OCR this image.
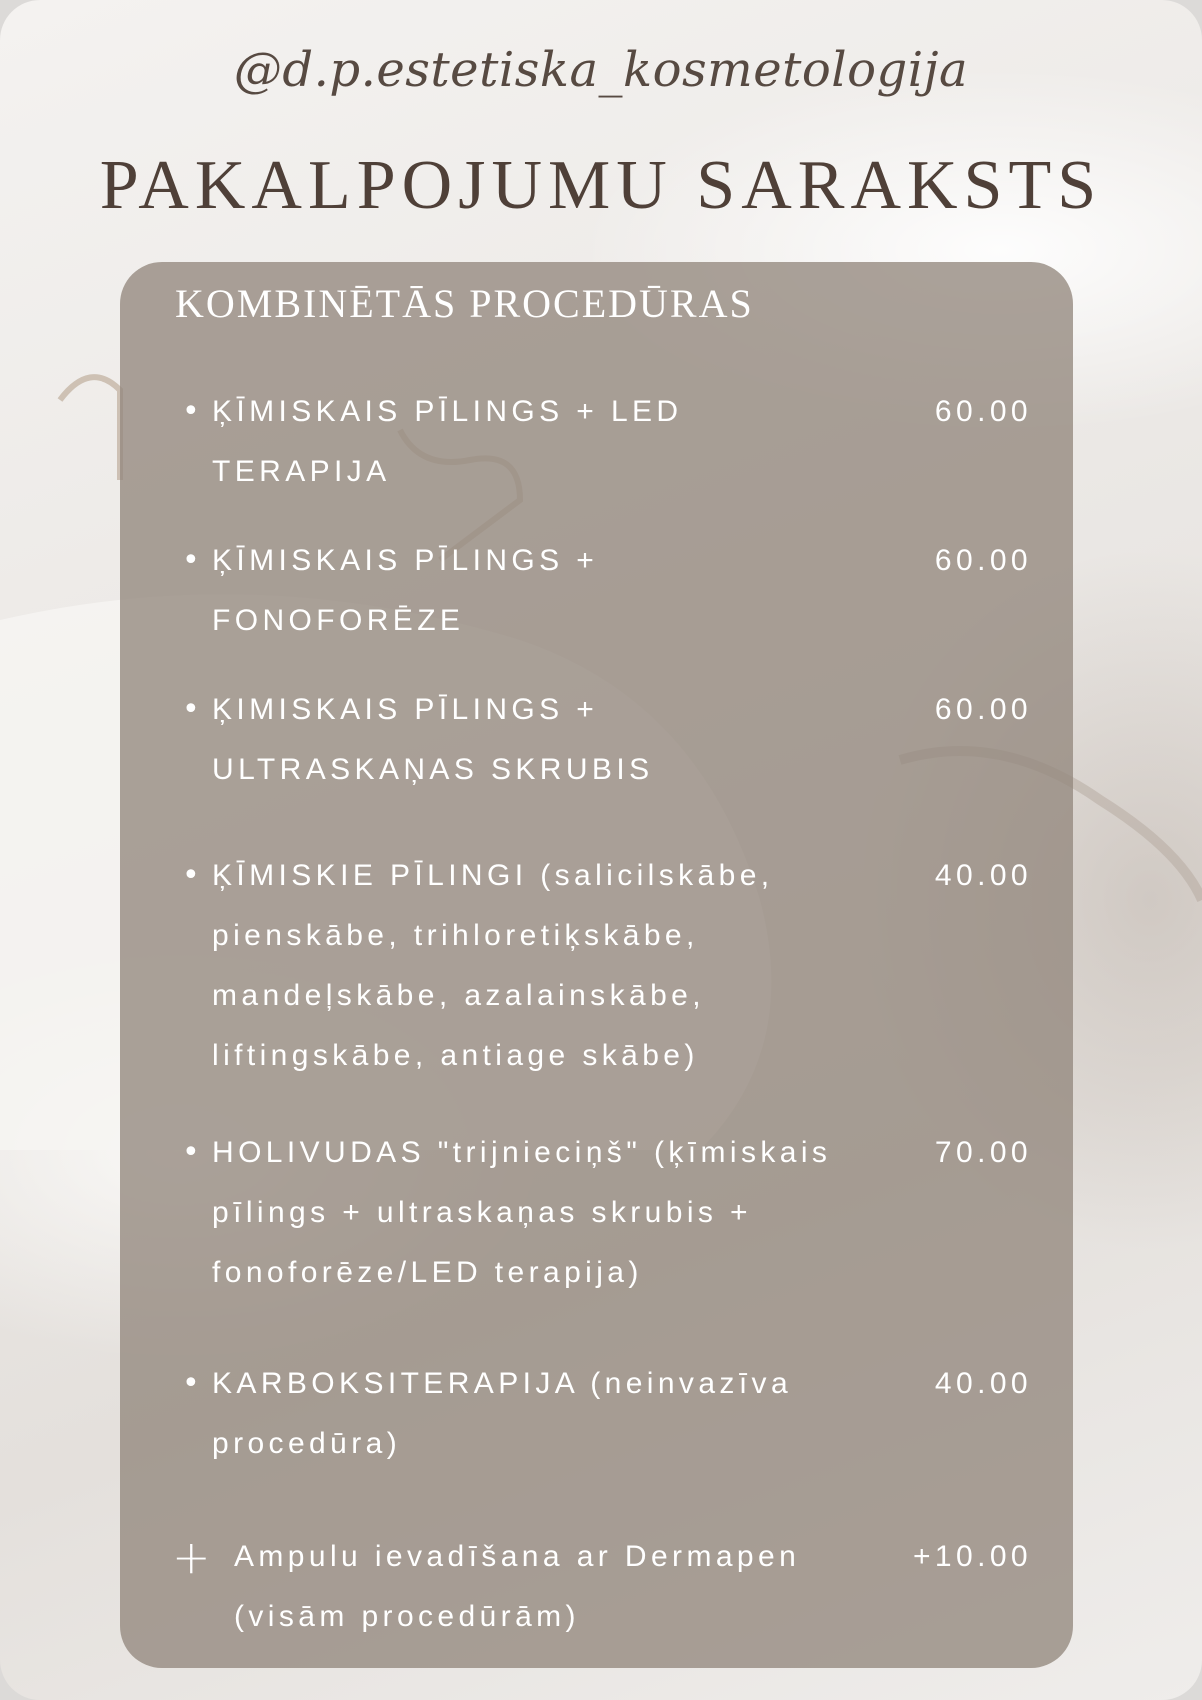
@d.p.estetiska_kosmetologija
PAKALPOJUMU SARAKSTS
KOMBINĒTĀS PROCEDŪRAS
• ĶĪMISKAIS PĪLINGS + LED TERAPIJA
60.00
• ĶĪMISKAIS PĪLINGS + FONOFORĒZE
60.00
• ĶIMISKAIS PĪLINGS + ULTRASKAŅAS SKRUBIS
60.00
• ĶĪMISKIE PĪLINGI (salicilskābe, pienskābe, trihloretiķskābe, mandeļskābe, azalainskābe, liftingskābe, antiage skābe)
40.00
• HOLIVUDAS "trijnieciņš" (ķīmiskais pīlings + ultraskaņas skrubis + fonoforēze/LED terapija)
70.00
• KARBOKSITERAPIJA (neinvazīva procedūra)
40.00
+ Ampulu ievadīšana ar Dermapen (visām procedūrām)
+10.00
